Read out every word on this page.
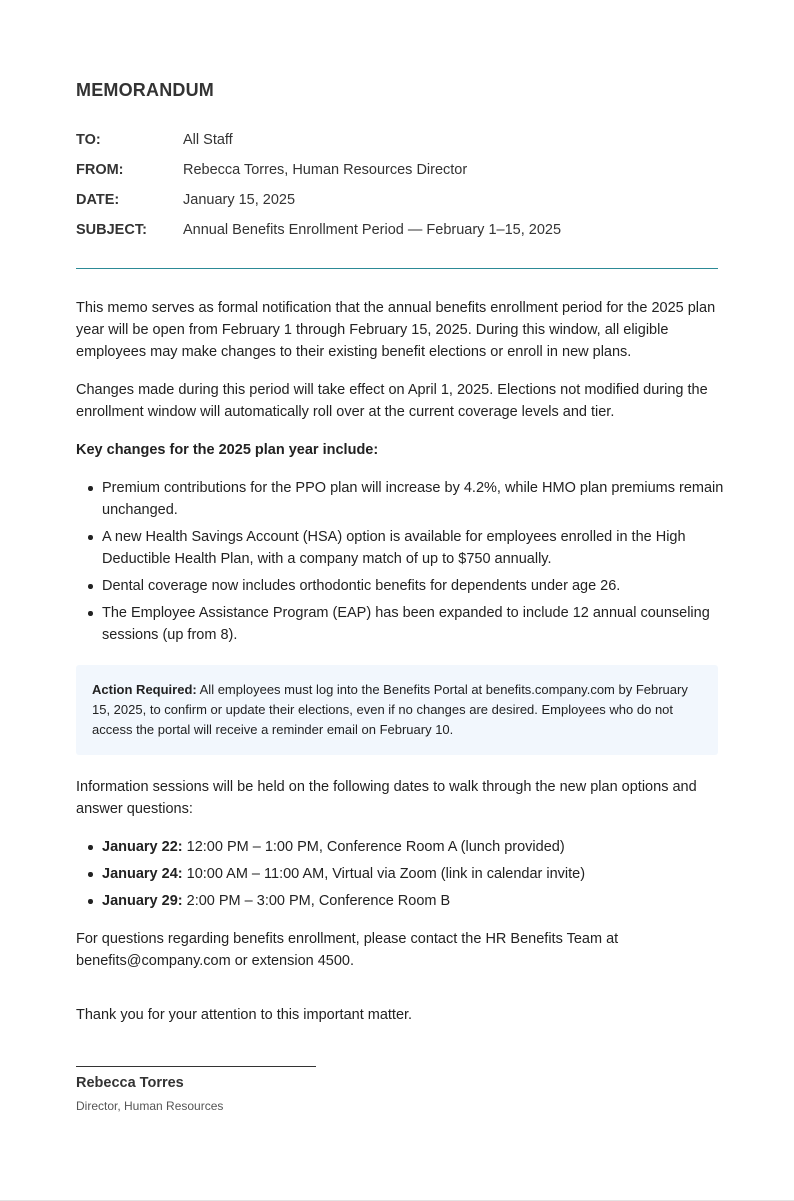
MEMORANDUM
TO:	All Staff
FROM:	Rebecca Torres, Human Resources Director
DATE:	January 15, 2025
SUBJECT: Annual Benefits Enrollment Period — February 1–15, 2025

This memo serves as formal notification that the annual benefits enrollment period for the 2025 plan year will be open from February 1 through February 15, 2025. During this window, all eligible employees may make changes to their existing benefit elections or enroll in new plans.

Changes made during this period will take effect on April 1, 2025. Elections not modified during the enrollment window will automatically roll over at the current coverage levels and tier.

Key changes for the 2025 plan year include:

Premium contributions for the PPO plan will increase by 4.2%, while HMO plan premiums remain unchanged.
A new Health Savings Account (HSA) option is available for employees enrolled in the High Deductible Health Plan, with a company match of up to $750 annually.
Dental coverage now includes orthodontic benefits for dependents under age 26.
The Employee Assistance Program (EAP) has been expanded to include 12 annual counseling sessions (up from 8).
Action Required: All employees must log into the Benefits Portal at benefits.company.com by February 15, 2025, to confirm or update their elections, even if no changes are desired. Employees who do not access the portal will receive a reminder email on February 10.

Information sessions will be held on the following dates to walk through the new plan options and answer questions:

January 22: 12:00 PM – 1:00 PM, Conference Room A (lunch provided)
January 24: 10:00 AM – 11:00 AM, Virtual via Zoom (link in calendar invite)
January 29: 2:00 PM – 3:00 PM, Conference Room B

For questions regarding benefits enrollment, please contact the HR Benefits Team at benefits@company.com or extension 4500.

Thank you for your attention to this important matter.

Rebecca Torres
Director, Human Resources
